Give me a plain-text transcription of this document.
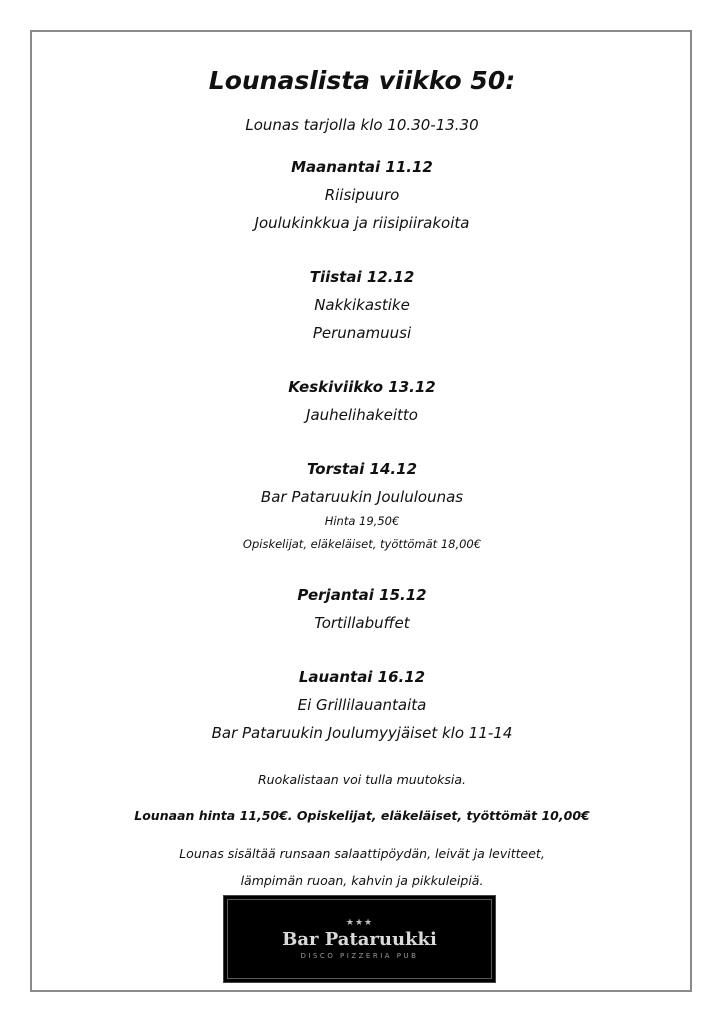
Lounaslista viikko 50:
Lounas tarjolla klo 10.30-13.30
Maanantai 11.12
Riisipuuro
Joulukinkkua ja riisipiirakoita
Tiistai 12.12
Nakkikastike
Perunamuusi
Keskiviikko 13.12
Jauhelihakeitto
Torstai 14.12
Bar Pataruukin Joululounas
Hinta 19,50€
Opiskelijat, eläkeläiset, työttömät 18,00€
Perjantai 15.12
Tortillabuffet
Lauantai 16.12
Ei Grillilauantaita
Bar Pataruukin Joulumyyjäiset klo 11-14
Ruokalistaan voi tulla muutoksia.
Lounaan hinta 11,50€. Opiskelijat, eläkeläiset, työttömät 10,00€
Lounas sisältää runsaan salaattipöydän, leivät ja levitteet,
lämpimän ruoan, kahvin ja pikkuleipiä.
★★★
Bar Pataruukki
DISCO PIZZERIA PUB
